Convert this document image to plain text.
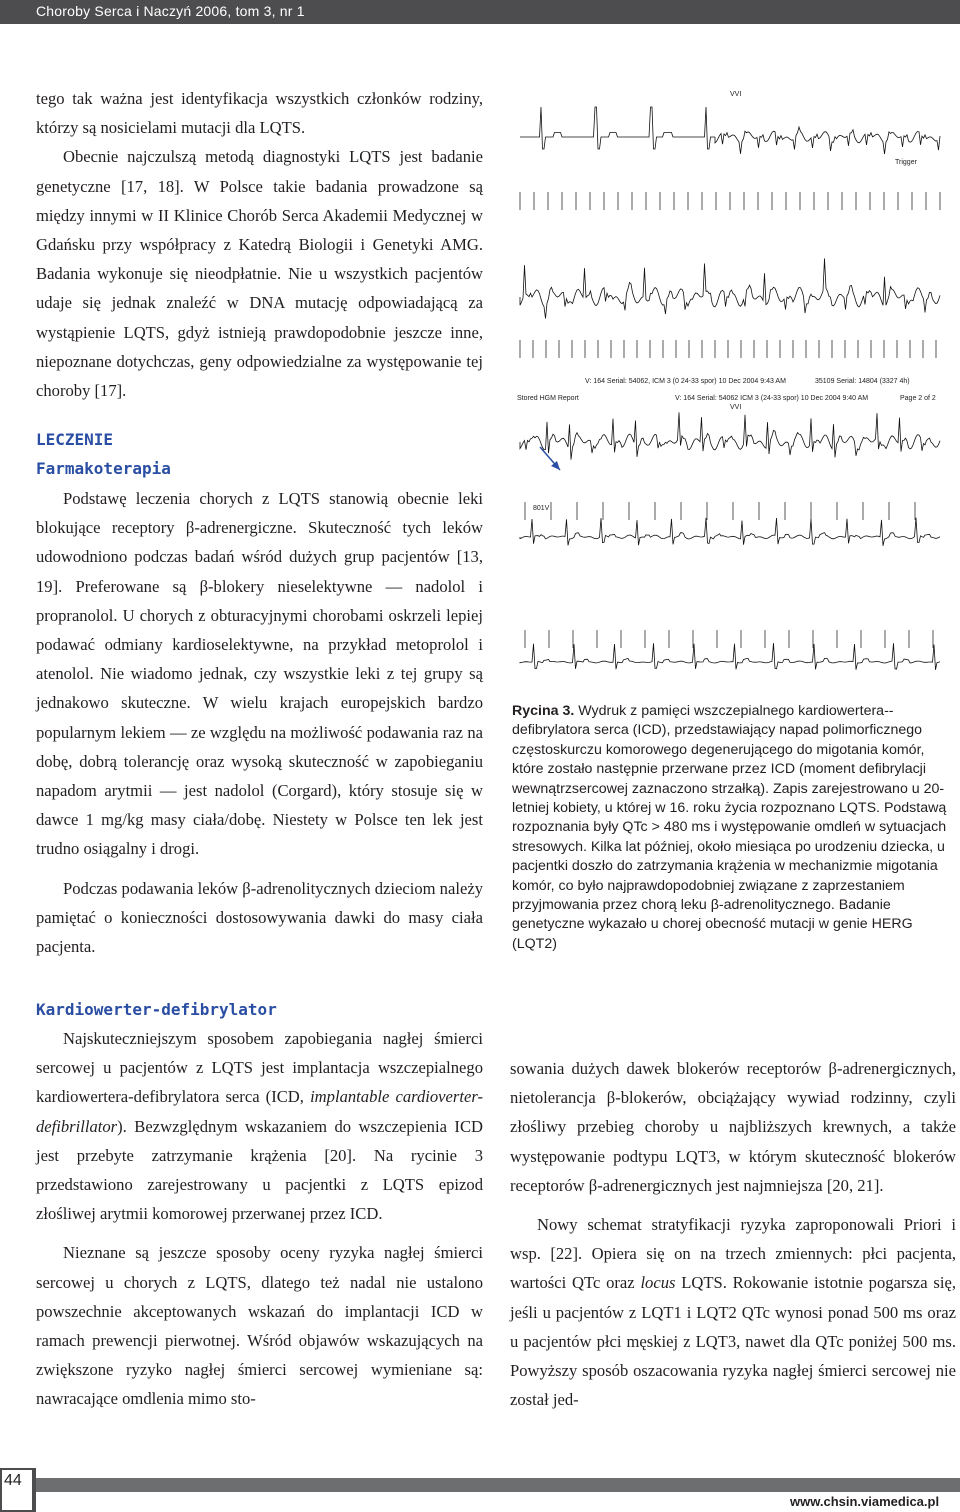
Choroby Serca i Naczyń 2006, tom 3, nr 1

tego tak ważna jest identyfikacja wszystkich członków rodziny, którzy są nosicielami mutacji dla LQTS.

Obecnie najczulszą metodą diagnostyki LQTS jest badanie genetyczne [17, 18]. W Polsce takie badania prowadzone są między innymi w II Klinice Chorób Serca Akademii Medycznej w Gdańsku przy współpracy z Katedrą Biologii i Genetyki AMG. Badania wykonuje się nieodpłatnie. Nie u wszystkich pacjentów udaje się jednak znaleźć w DNA mutację odpowiadającą za wystąpienie LQTS, gdyż istnieją prawdopodobnie jeszcze inne, niepoznane dotychczas, geny odpowiedzialne za występowanie tej choroby [17].

LECZENIE
Farmakoterapia

Podstawę leczenia chorych z LQTS stanowią obecnie leki blokujące receptory β-adrenergiczne. Skuteczność tych leków udowodniono podczas badań wśród dużych grup pacjentów [13, 19]. Preferowane są β-blokery nieselektywne — nadolol i propranolol. U chorych z obturacyjnymi chorobami oskrzeli lepiej podawać odmiany kardioselektywne, na przykład metoprolol i atenolol. Nie wiadomo jednak, czy wszystkie leki z tej grupy są jednakowo skuteczne. W wielu krajach europejskich bardzo popularnym lekiem — ze względu na możliwość podawania raz na dobę, dobrą tolerancję oraz wysoką skuteczność w zapobieganiu napadom arytmii — jest nadolol (Corgard), który stosuje się w dawce 1 mg/kg masy ciała/dobę. Niestety w Polsce ten lek jest trudno osiągalny i drogi.

Podczas podawania leków β-adrenolitycznych dzieciom należy pamiętać o konieczności dostosowywania dawki do masy ciała pacjenta.

Kardiowerter-defibrylator

Najskuteczniejszym sposobem zapobiegania nagłej śmierci sercowej u pacjentów z LQTS jest implantacja wszczepialnego kardiowertera-defibrylatora serca (ICD, implantable cardioverter-defibrillator). Bezwzględnym wskazaniem do wszczepienia ICD jest przebyte zatrzymanie krążenia [20]. Na rycinie 3 przedstawiono zarejestrowany u pacjentki z LQTS epizod złośliwej arytmii komorowej przerwanej przez ICD.

Nieznane są jeszcze sposoby oceny ryzyka nagłej śmierci sercowej u chorych z LQTS, dlatego też nadal nie ustalono powszechnie akceptowanych wskazań do implantacji ICD w ramach prewencji pierwotnej. Wśród objawów wskazujących na zwiększone ryzyko nagłej śmierci sercowej wymieniane są: nawracające omdlenia mimo sto-

sowania dużych dawek blokerów receptorów β-adrenergicznych, nietolerancja β-blokerów, obciążający wywiad rodzinny, czyli złośliwy przebieg choroby u najbliższych krewnych, a także występowanie podtypu LQT3, w którym skuteczność blokerów receptorów β-adrenergicznych jest najmniejsza [20, 21].

Nowy schemat stratyfikacji ryzyka zaproponowali Priori i wsp. [22]. Opiera się on na trzech zmiennych: płci pacjenta, wartości QTc oraz locus LQTS. Rokowanie istotnie pogarsza się, jeśli u pacjentów z LQT1 i LQT2 QTc wynosi ponad 500 ms oraz u pacjentów płci męskiej z LQT3, nawet dla QTc poniżej 500 ms. Powyższy sposób oszacowania ryzyka nagłej śmierci sercowej nie został jed-

VVI
Trigger
V: 164 Serial: 54062, ICM 3 (0 24-33 spor) 10 Dec 2004 9:43 AM	35109 Serial: 14804 (3327 4h)
Stored HGM Report	V: 164 Serial: 54062 ICM 3 (24-33 spor) 10 Dec 2004 9:40 AM	Page 2 of 2
VVI
801V
Rycina 3. Wydruk z pamięci wszczepialnego kardiowertera--defibrylatora serca (ICD), przedstawiający napad polimorficznego częstoskurczu komorowego degenerującego do migotania komór, które zostało następnie przerwane przez ICD (moment defibrylacji wewnątrzsercowej zaznaczono strzałką). Zapis zarejestrowano u 20-letniej kobiety, u której w 16. roku życia rozpoznano LQTS. Podstawą rozpoznania były QTc > 480 ms i występowanie omdleń w sytuacjach stresowych. Kilka lat później, około miesiąca po urodzeniu dziecka, u pacjentki doszło do zatrzymania krążenia w mechanizmie migotania komór, co było najprawdopodobniej związane z zaprzestaniem przyjmowania przez chorą leku β-adrenolitycznego. Badanie genetyczne wykazało u chorej obecność mutacji w genie HERG (LQT2)
44
www.chsin.viamedica.pl
